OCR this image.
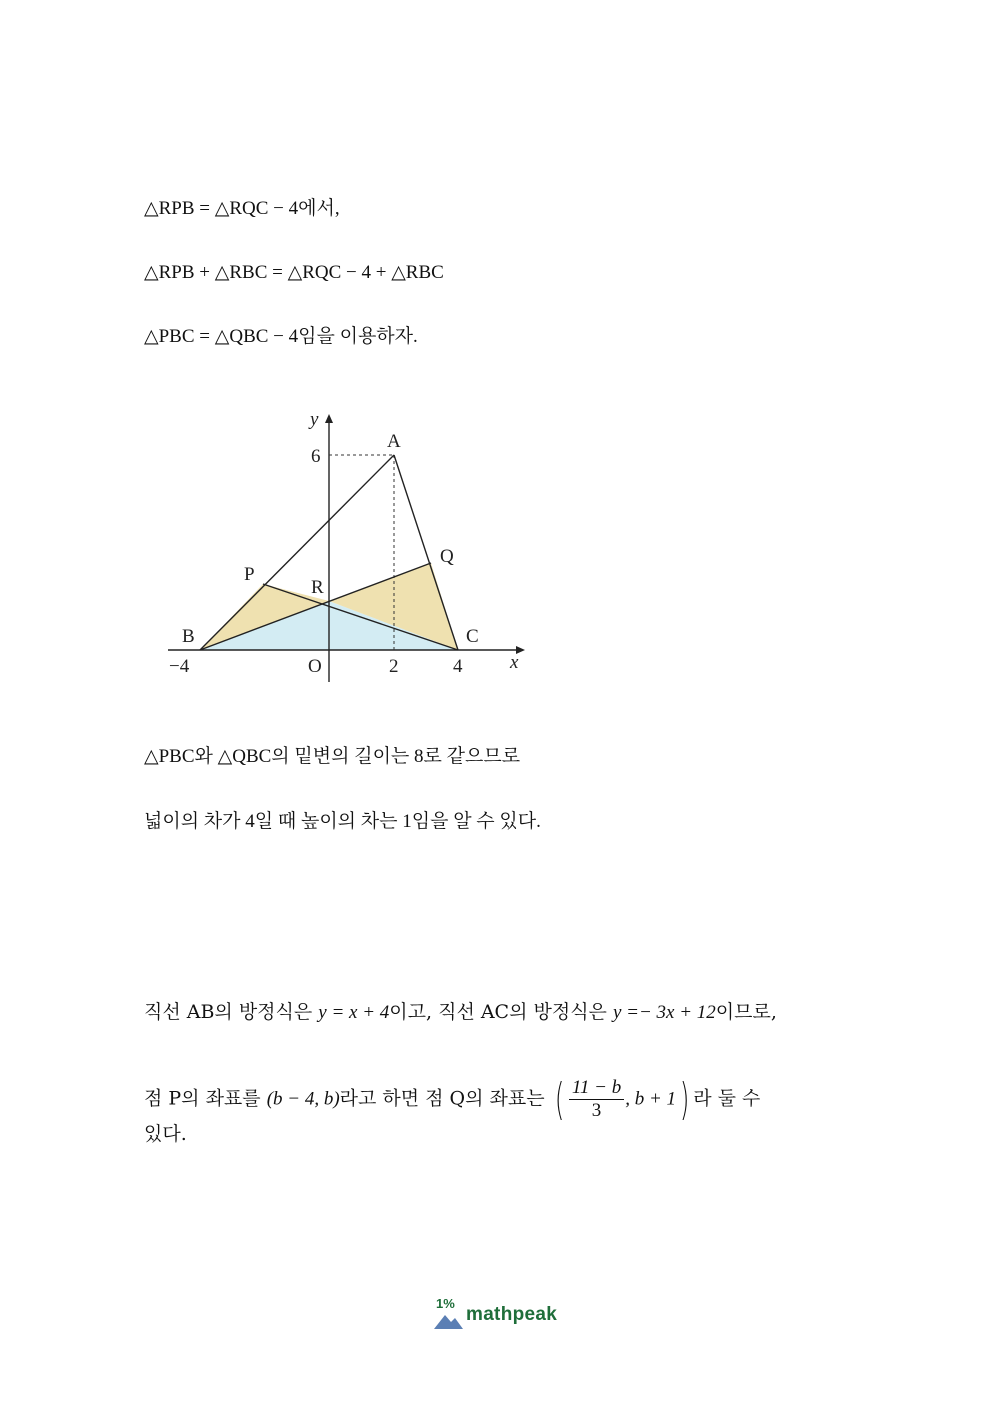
△RPB = △RQC − 4에서,
△RPB + △RBC = △RQC − 4 + △RBC
△PBC = △QBC − 4임을 이용하자.
y
x
A
6
Q
P
R
B	C
−4	O	2	4
△PBC와 △QBC의 밑변의 길이는 8로 같으므로
넓이의 차가 4일 때 높이의 차는 1임을 알 수 있다.
직선 AB의 방정식은 y = x + 4이고, 직선 AC의 방정식은 y =− 3x + 12이므로,
점 P의 좌표를 (b − 4, b)라고 하면 점 Q의 좌표는 ( $\frac{11 - b}{3}$ , b + 1) 라 둘 수
있다.
1%
mathpeak
